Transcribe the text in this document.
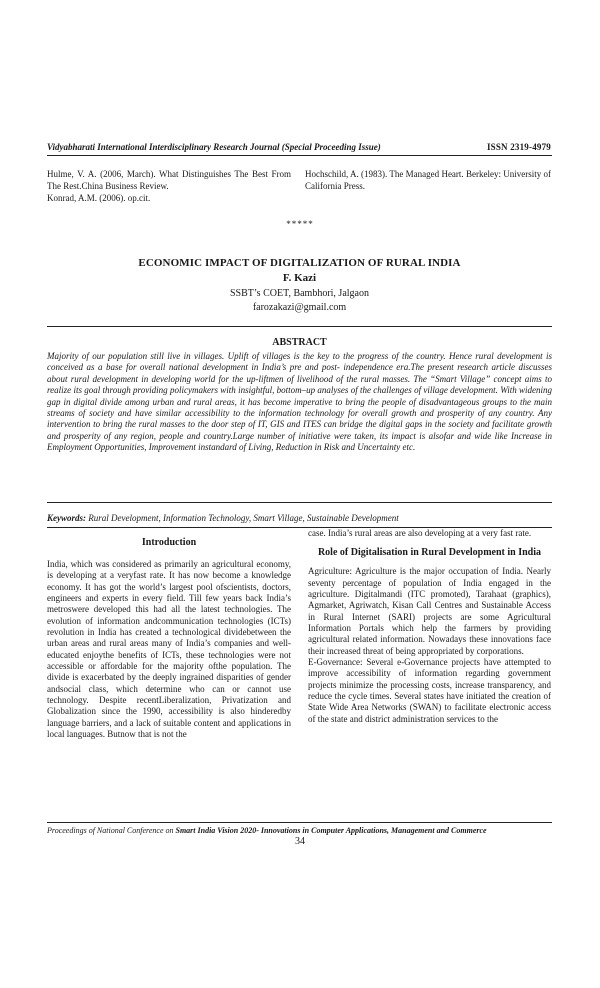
Vidyabharati International Interdisciplinary Research Journal (Special Proceeding Issue)	ISSN 2319-4979
Hulme, V. A. (2006, March). What Distinguishes The Best From The Rest.China Business Review.
Konrad, A.M. (2006). op.cit.
Hochschild, A. (1983). The Managed Heart. Berkeley: University of California Press.
*****
ECONOMIC IMPACT OF DIGITALIZATION OF RURAL INDIA
F. Kazi
SSBT’s COET, Bambhori, Jalgaon
farozakazi@gmail.com
ABSTRACT
Majority of our population still live in villages. Uplift of villages is the key to the progress of the country. Hence rural development is conceived as a base for overall national development in India’s pre and post- independence era.The present research article discusses about rural development in developing world for the up-liftmen of livelihood of the rural masses. The “Smart Village” concept aims to realize its goal through providing policymakers with insightful, bottom–up analyses of the challenges of village development. With widening gap in digital divide among urban and rural areas, it has become imperative to bring the people of disadvantageous groups to the main streams of society and have similar accessibility to the information technology for overall growth and prosperity of any country. Any intervention to bring the rural masses to the door step of IT, GIS and ITES can bridge the digital gaps in the society and facilitate growth and prosperity of any region, people and country.Large number of initiative were taken, its impact is alsofar and wide like Increase in Employment Opportunities, Improvement instandard of Living, Reduction in Risk and Uncertainty etc.
Keywords: Rural Development, Information Technology, Smart Village, Sustainable Development
Introduction

India, which was considered as primarily an agricultural economy, is developing at a veryfast rate. It has now become a knowledge economy. It has got the world’s largest pool ofscientists, doctors, engineers and experts in every field. Till few years back India’s metroswere developed this had all the latest technologies. The evolution of information andcommunication technologies (ICTs) revolution in India has created a technological dividebetween the urban areas and rural areas many of India’s companies and well-educated enjoythe benefits of ICTs, these technologies were not accessible or affordable for the majority ofthe population. The divide is exacerbated by the deeply ingrained disparities of gender andsocial class, which determine who can or cannot use technology. Despite recentLiberalization, Privatization and Globalization since the 1990, accessibility is also hinderedby language barriers, and a lack of suitable content and applications in local languages. Butnow that is not the

case. India’s rural areas are also developing at a very fast rate.
Role of Digitalisation in Rural Development in India
Agriculture: Agriculture is the major occupation of India. Nearly seventy percentage of population of India engaged in the agriculture. Digitalmandi (ITC promoted), Tarahaat (graphics), Agmarket, Agriwatch, Kisan Call Centres and Sustainable Access in Rural Internet (SARI) projects are some Agricultural Information Portals which help the farmers by providing agricultural related information. Nowadays these innovations face their increased threat of being appropriated by corporations.
E-Governance: Several e-Governance projects have attempted to improve accessibility of information regarding government projects minimize the processing costs, increase transparency, and reduce the cycle times. Several states have initiated the creation of State Wide Area Networks (SWAN) to facilitate electronic access of the state and district administration services to the
Proceedings of National Conference on Smart India Vision 2020- Innovations in Computer Applications, Management and Commerce
34
